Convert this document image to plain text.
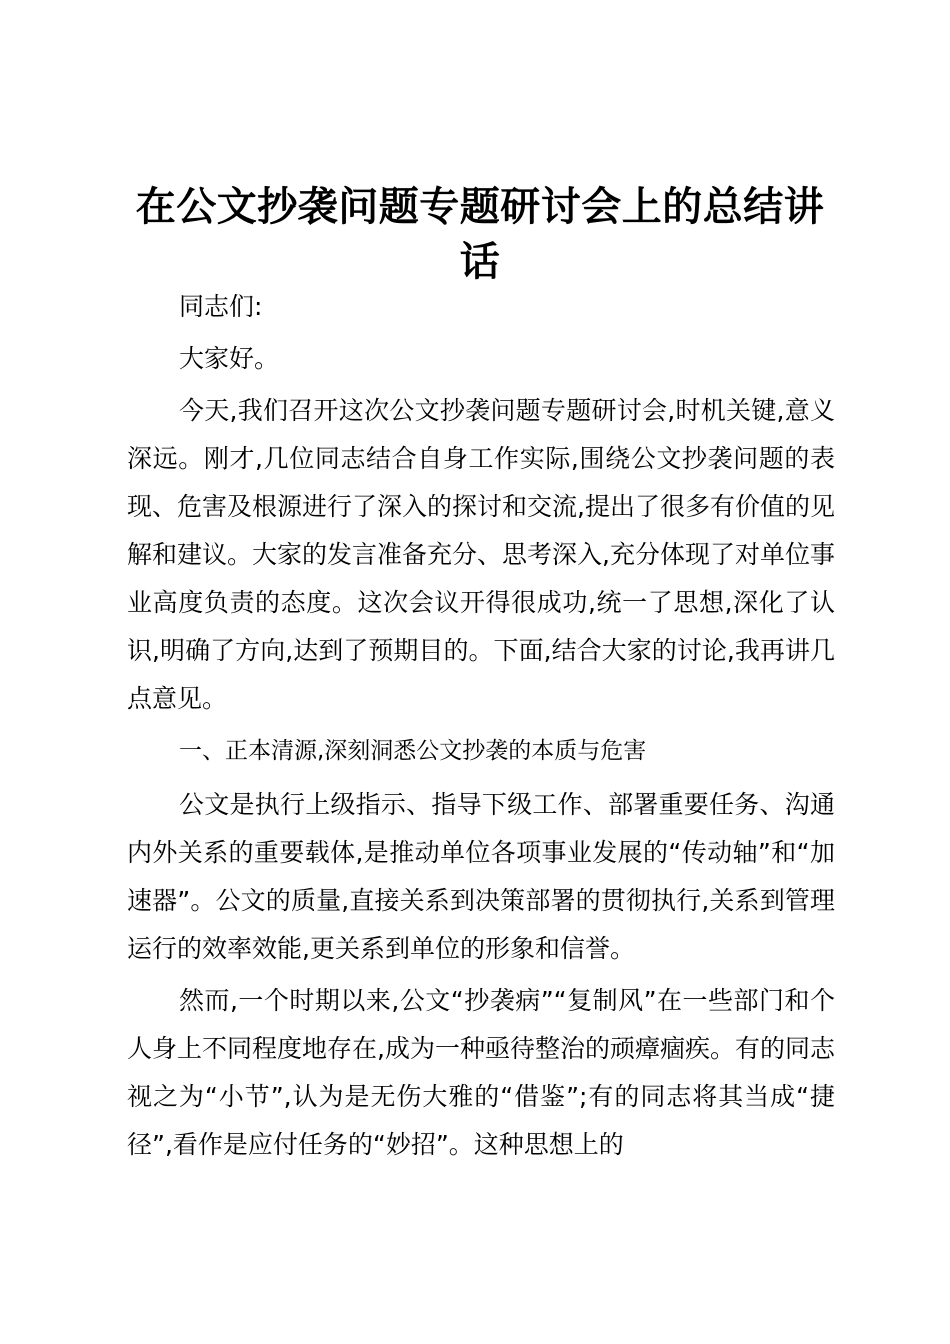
在公文抄袭问题专题研讨会上的总结讲话

同志们:

大家好。

今天,我们召开这次公文抄袭问题专题研讨会,时机关键,意义深远。刚才,几位同志结合自身工作实际,围绕公文抄袭问题的表现、危害及根源进行了深入的探讨和交流,提出了很多有价值的见解和建议。大家的发言准备充分、思考深入,充分体现了对单位事业高度负责的态度。这次会议开得很成功,统一了思想,深化了认识,明确了方向,达到了预期目的。下面,结合大家的讨论,我再讲几点意见。

一、正本清源,深刻洞悉公文抄袭的本质与危害

公文是执行上级指示、指导下级工作、部署重要任务、沟通内外关系的重要载体,是推动单位各项事业发展的“传动轴”和“加速器”。公文的质量,直接关系到决策部署的贯彻执行,关系到管理运行的效率效能,更关系到单位的形象和信誉。

然而,一个时期以来,公文“抄袭病”“复制风”在一些部门和个人身上不同程度地存在,成为一种亟待整治的顽瘴痼疾。有的同志视之为“小节”,认为是无伤大雅的“借鉴”;有的同志将其当成“捷径”,看作是应付任务的“妙招”。这种思想上的
